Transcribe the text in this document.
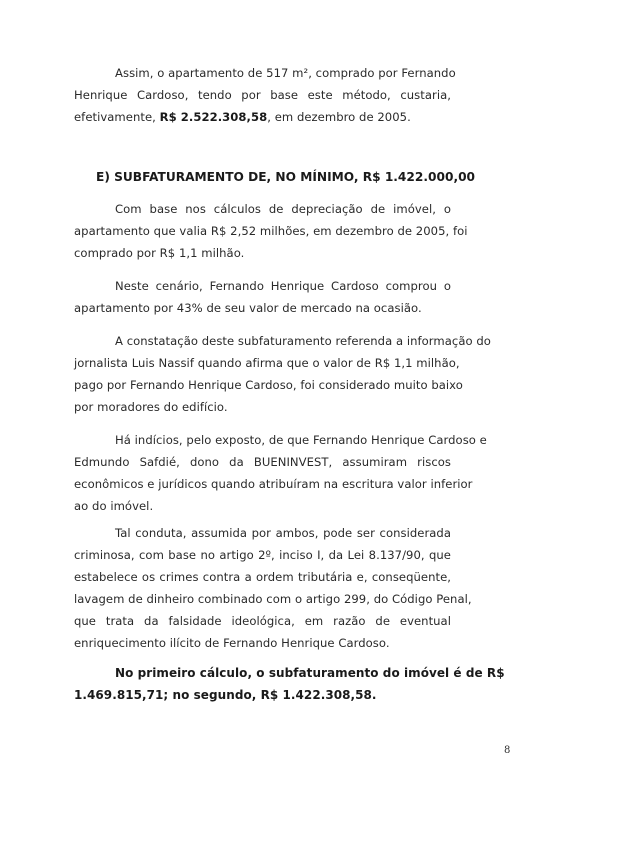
Assim, o apartamento de 517 m², comprado por Fernando
Henrique Cardoso, tendo por base este método, custaria,
efetivamente, R$ 2.522.308,58, em dezembro de 2005.
E) SUBFATURAMENTO DE, NO MÍNIMO, R$ 1.422.000,00
Com base nos cálculos de depreciação de imóvel, o
apartamento que valia R$ 2,52 milhões, em dezembro de 2005, foi
comprado por R$ 1,1 milhão.
Neste cenário, Fernando Henrique Cardoso comprou o
apartamento por 43% de seu valor de mercado na ocasião.
A constatação deste subfaturamento referenda a informação do
jornalista Luis Nassif quando afirma que o valor de R$ 1,1 milhão,
pago por Fernando Henrique Cardoso, foi considerado muito baixo
por moradores do edifício.
Há indícios, pelo exposto, de que Fernando Henrique Cardoso e
Edmundo Safdié, dono da BUENINVEST, assumiram riscos
econômicos e jurídicos quando atribuíram na escritura valor inferior
ao do imóvel.
Tal conduta, assumida por ambos, pode ser considerada
criminosa, com base no artigo 2º, inciso I, da Lei 8.137/90, que
estabelece os crimes contra a ordem tributária e, conseqüente,
lavagem de dinheiro combinado com o artigo 299, do Código Penal,
que trata da falsidade ideológica, em razão de eventual
enriquecimento ilícito de Fernando Henrique Cardoso.
No primeiro cálculo, o subfaturamento do imóvel é de R$
1.469.815,71; no segundo, R$ 1.422.308,58.
8
